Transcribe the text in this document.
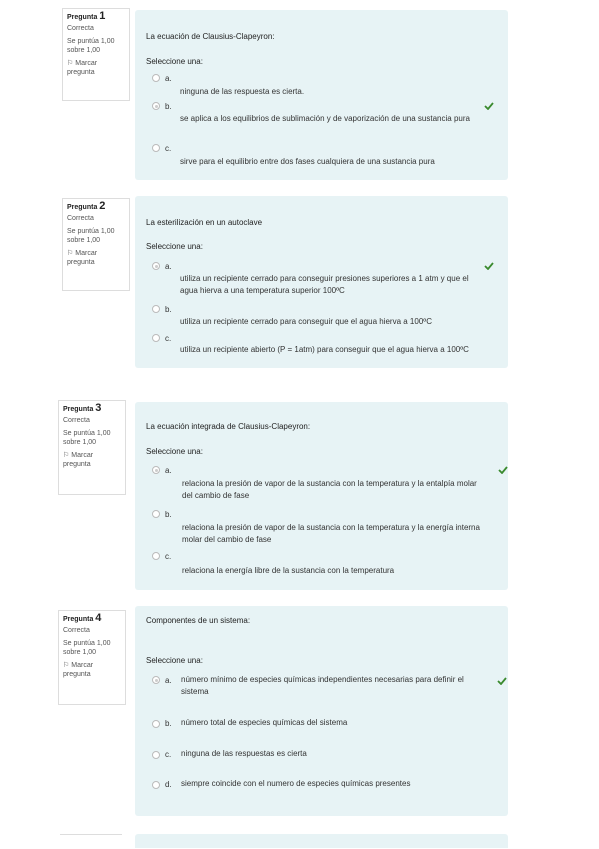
Pregunta 1
Correcta
Se puntúa 1,00 sobre 1,00
⚐ Marcar pregunta
La ecuación de Clausius-Clapeyron:
Seleccione una:
a.
ninguna de las respuesta es cierta.
b.
se aplica a los equilibrios de sublimación y de vaporización de una sustancia pura
c.
sirve para el equilibrio entre dos fases cualquiera de una sustancia pura
Pregunta 2
Correcta
Se puntúa 1,00 sobre 1,00
⚐ Marcar pregunta
La esterilización en un autoclave
Seleccione una:
a.
utiliza un recipiente cerrado para conseguir presiones superiores a 1 atm y que el agua hierva a una temperatura superior 100ºC
b.
utiliza un recipiente cerrado para conseguir que el agua hierva a 100ºC
c.
utiliza un recipiente abierto (P = 1atm) para conseguir que el agua hierva a 100ºC
Pregunta 3
Correcta
Se puntúa 1,00 sobre 1,00
⚐ Marcar pregunta
La ecuación integrada de Clausius-Clapeyron:
Seleccione una:
a.
relaciona la presión de vapor de la sustancia con la temperatura y la entalpía molar del cambio de fase
b.
relaciona la presión de vapor de la sustancia con la temperatura y la energía interna molar del cambio de fase
c.
relaciona la energía libre de la sustancia con la temperatura
Pregunta 4
Correcta
Se puntúa 1,00 sobre 1,00
⚐ Marcar pregunta
Componentes de un sistema:
Seleccione una:
a. número mínimo de especies químicas independientes necesarias para definir el sistema
b. número total de especies químicas del sistema
c. ninguna de las respuestas es cierta
d. siempre coincide con el numero de especies químicas presentes
